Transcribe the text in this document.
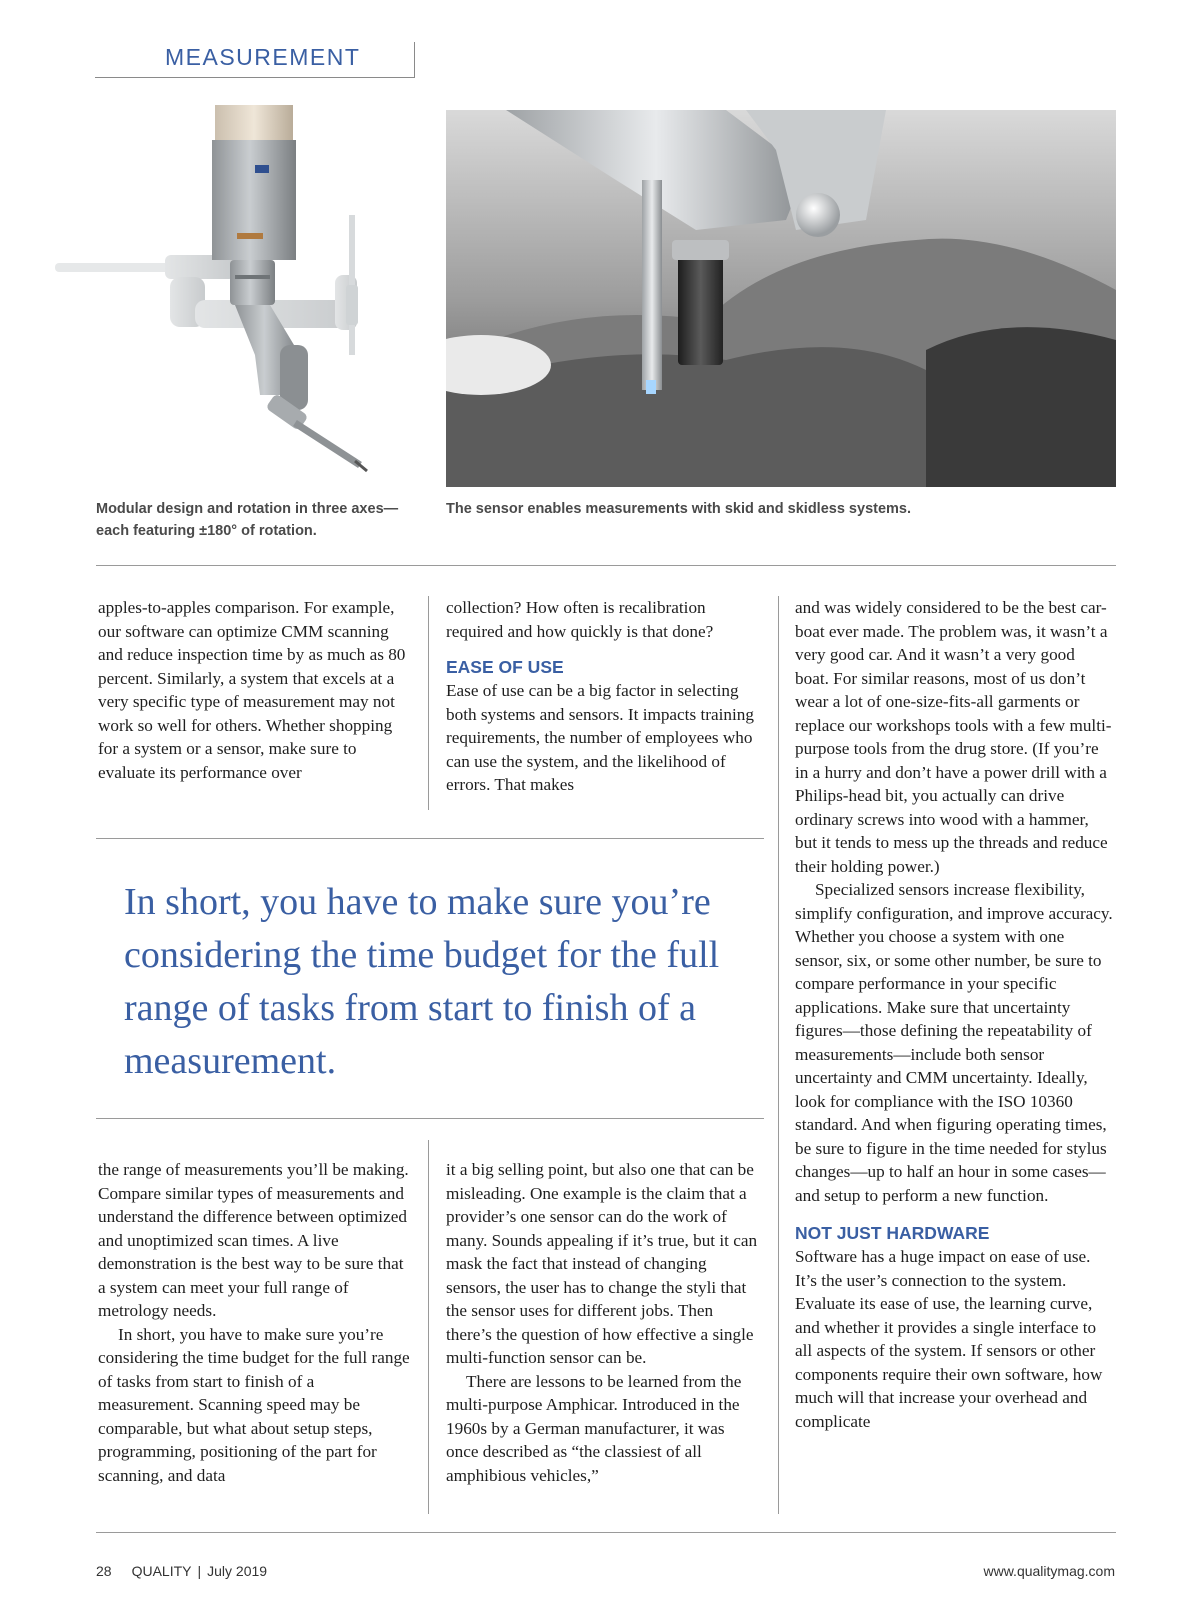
MEASUREMENT
Modular design and rotation in three axes—each featuring ±180° of rotation.
The sensor enables measurements with skid and skidless systems.

apples-to-apples comparison. For example, our software can optimize CMM scanning and reduce inspection time by as much as 80 percent. Similarly, a system that excels at a very specific type of measurement may not work so well for others. Whether shopping for a system or a sensor, make sure to evaluate its performance over

collection? How often is recalibration required and how quickly is that done?

EASE OF USE

Ease of use can be a big factor in selecting both systems and sensors. It impacts training requirements, the number of employees who can use the system, and the likelihood of errors. That makes

In short, you have to make sure you’re considering the time budget for the full range of tasks from start to finish of a measurement.

the range of measurements you’ll be making. Compare similar types of measurements and understand the difference between optimized and unoptimized scan times. A live demonstration is the best way to be sure that a system can meet your full range of metrology needs.

In short, you have to make sure you’re considering the time budget for the full range of tasks from start to finish of a measurement. Scanning speed may be comparable, but what about setup steps, programming, positioning of the part for scanning, and data

it a big selling point, but also one that can be misleading. One example is the claim that a provider’s one sensor can do the work of many. Sounds appealing if it’s true, but it can mask the fact that instead of changing sensors, the user has to change the styli that the sensor uses for different jobs. Then there’s the question of how effective a single multi-function sensor can be.

There are lessons to be learned from the multi-purpose Amphicar. Introduced in the 1960s by a German manufacturer, it was once described as “the classiest of all amphibious vehicles,”

and was widely considered to be the best car-boat ever made. The problem was, it wasn’t a very good car. And it wasn’t a very good boat. For similar reasons, most of us don’t wear a lot of one-size-fits-all garments or replace our workshops tools with a few multi-purpose tools from the drug store. (If you’re in a hurry and don’t have a power drill with a Philips-head bit, you actually can drive ordinary screws into wood with a hammer, but it tends to mess up the threads and reduce their holding power.)

Specialized sensors increase flexibility, simplify configuration, and improve accuracy. Whether you choose a system with one sensor, six, or some other number, be sure to compare performance in your specific applications. Make sure that uncertainty figures—those defining the repeatability of measurements—include both sensor uncertainty and CMM uncertainty. Ideally, look for compliance with the ISO 10360 standard. And when figuring operating times, be sure to figure in the time needed for stylus changes—up to half an hour in some cases—and setup to perform a new function.

NOT JUST HARDWARE

Software has a huge impact on ease of use. It’s the user’s connection to the system. Evaluate its ease of use, the learning curve, and whether it provides a single interface to all aspects of the system. If sensors or other components require their own software, how much will that increase your overhead and complicate

28 QUALITY | July 2019	www.qualitymag.com
